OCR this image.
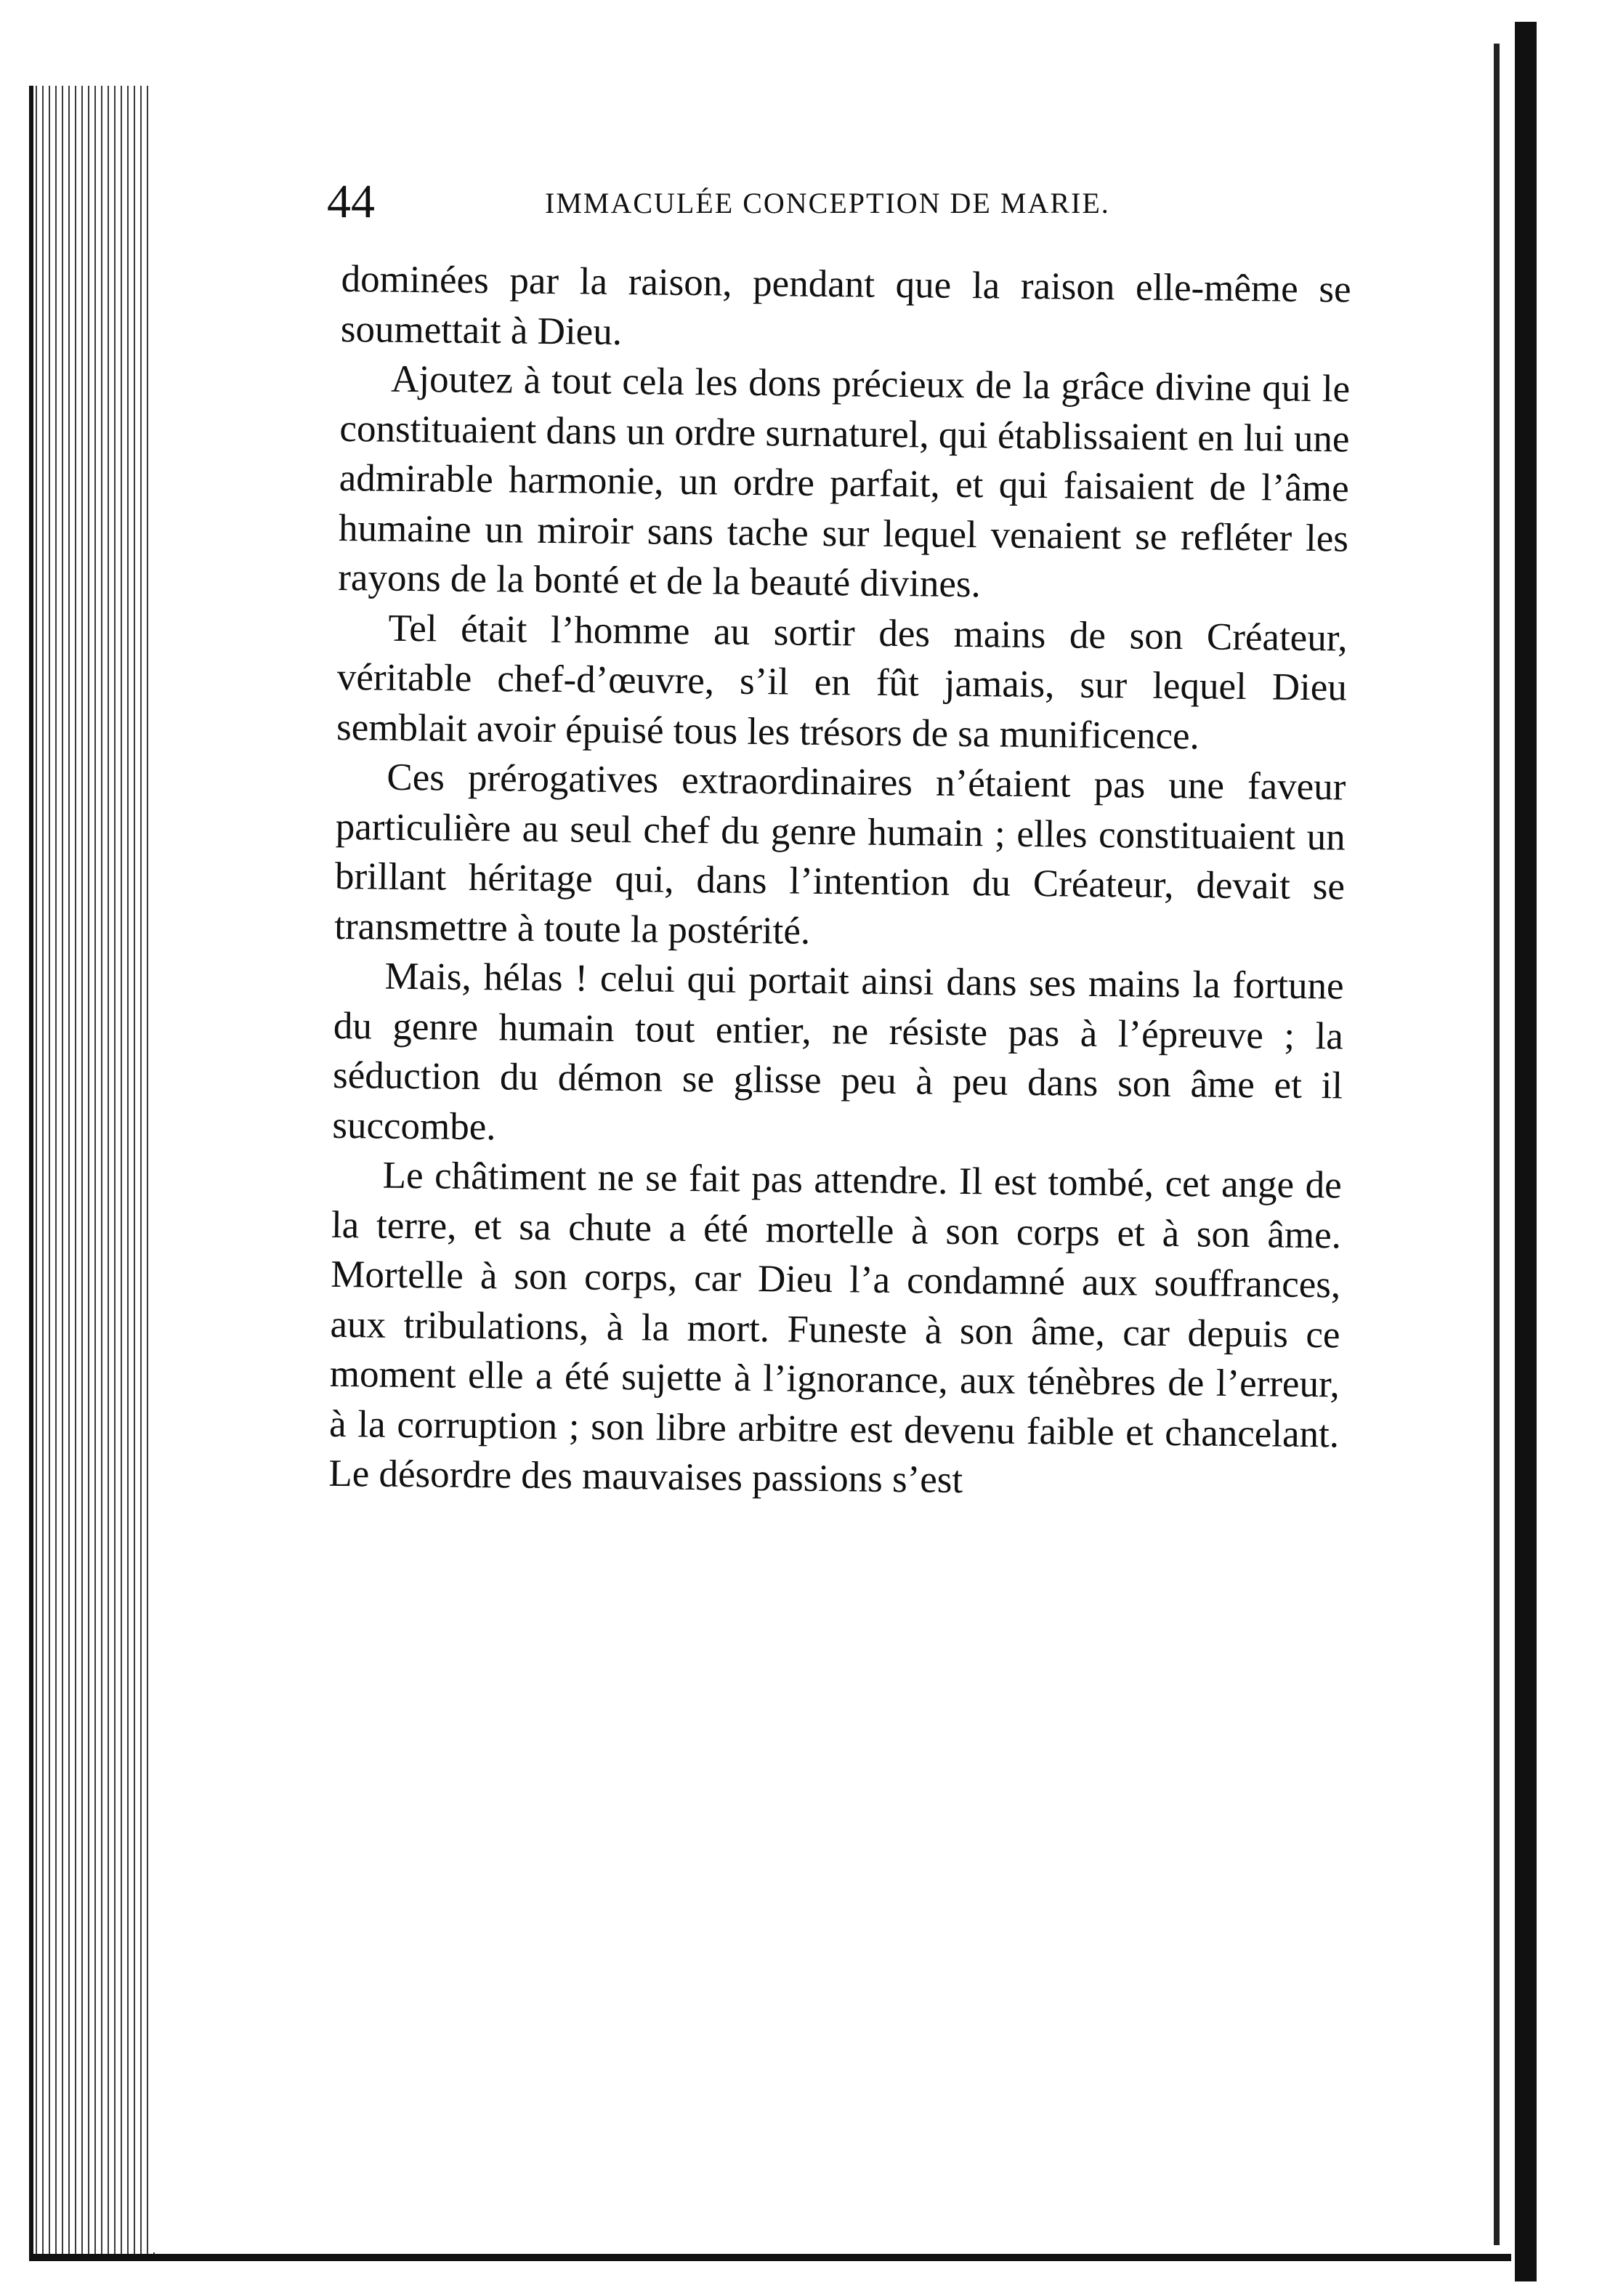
44	IMMACULÉE CONCEPTION DE MARIE.

dominées par la raison, pendant que la raison elle-même se soumettait à Dieu.

Ajoutez à tout cela les dons précieux de la grâce divine qui le constituaient dans un ordre surnaturel, qui établissaient en lui une admirable harmonie, un ordre parfait, et qui faisaient de l’âme humaine un miroir sans tache sur lequel venaient se refléter les rayons de la bonté et de la beauté divines.

Tel était l’homme au sortir des mains de son Créateur, véritable chef-d’œuvre, s’il en fût jamais, sur lequel Dieu semblait avoir épuisé tous les trésors de sa munificence.

Ces prérogatives extraordinaires n’étaient pas une faveur particulière au seul chef du genre humain ; elles constituaient un brillant héritage qui, dans l’intention du Créateur, devait se transmettre à toute la postérité.

Mais, hélas ! celui qui portait ainsi dans ses mains la fortune du genre humain tout entier, ne résiste pas à l’épreuve ; la séduction du démon se glisse peu à peu dans son âme et il succombe.

Le châtiment ne se fait pas attendre. Il est tombé, cet ange de la terre, et sa chute a été mortelle à son corps et à son âme. Mortelle à son corps, car Dieu l’a condamné aux souffrances, aux tribulations, à la mort. Funeste à son âme, car depuis ce moment elle a été sujette à l’ignorance, aux ténèbres de l’erreur, à la corruption ; son libre arbitre est devenu faible et chancelant. Le désordre des mauvaises passions s’est
